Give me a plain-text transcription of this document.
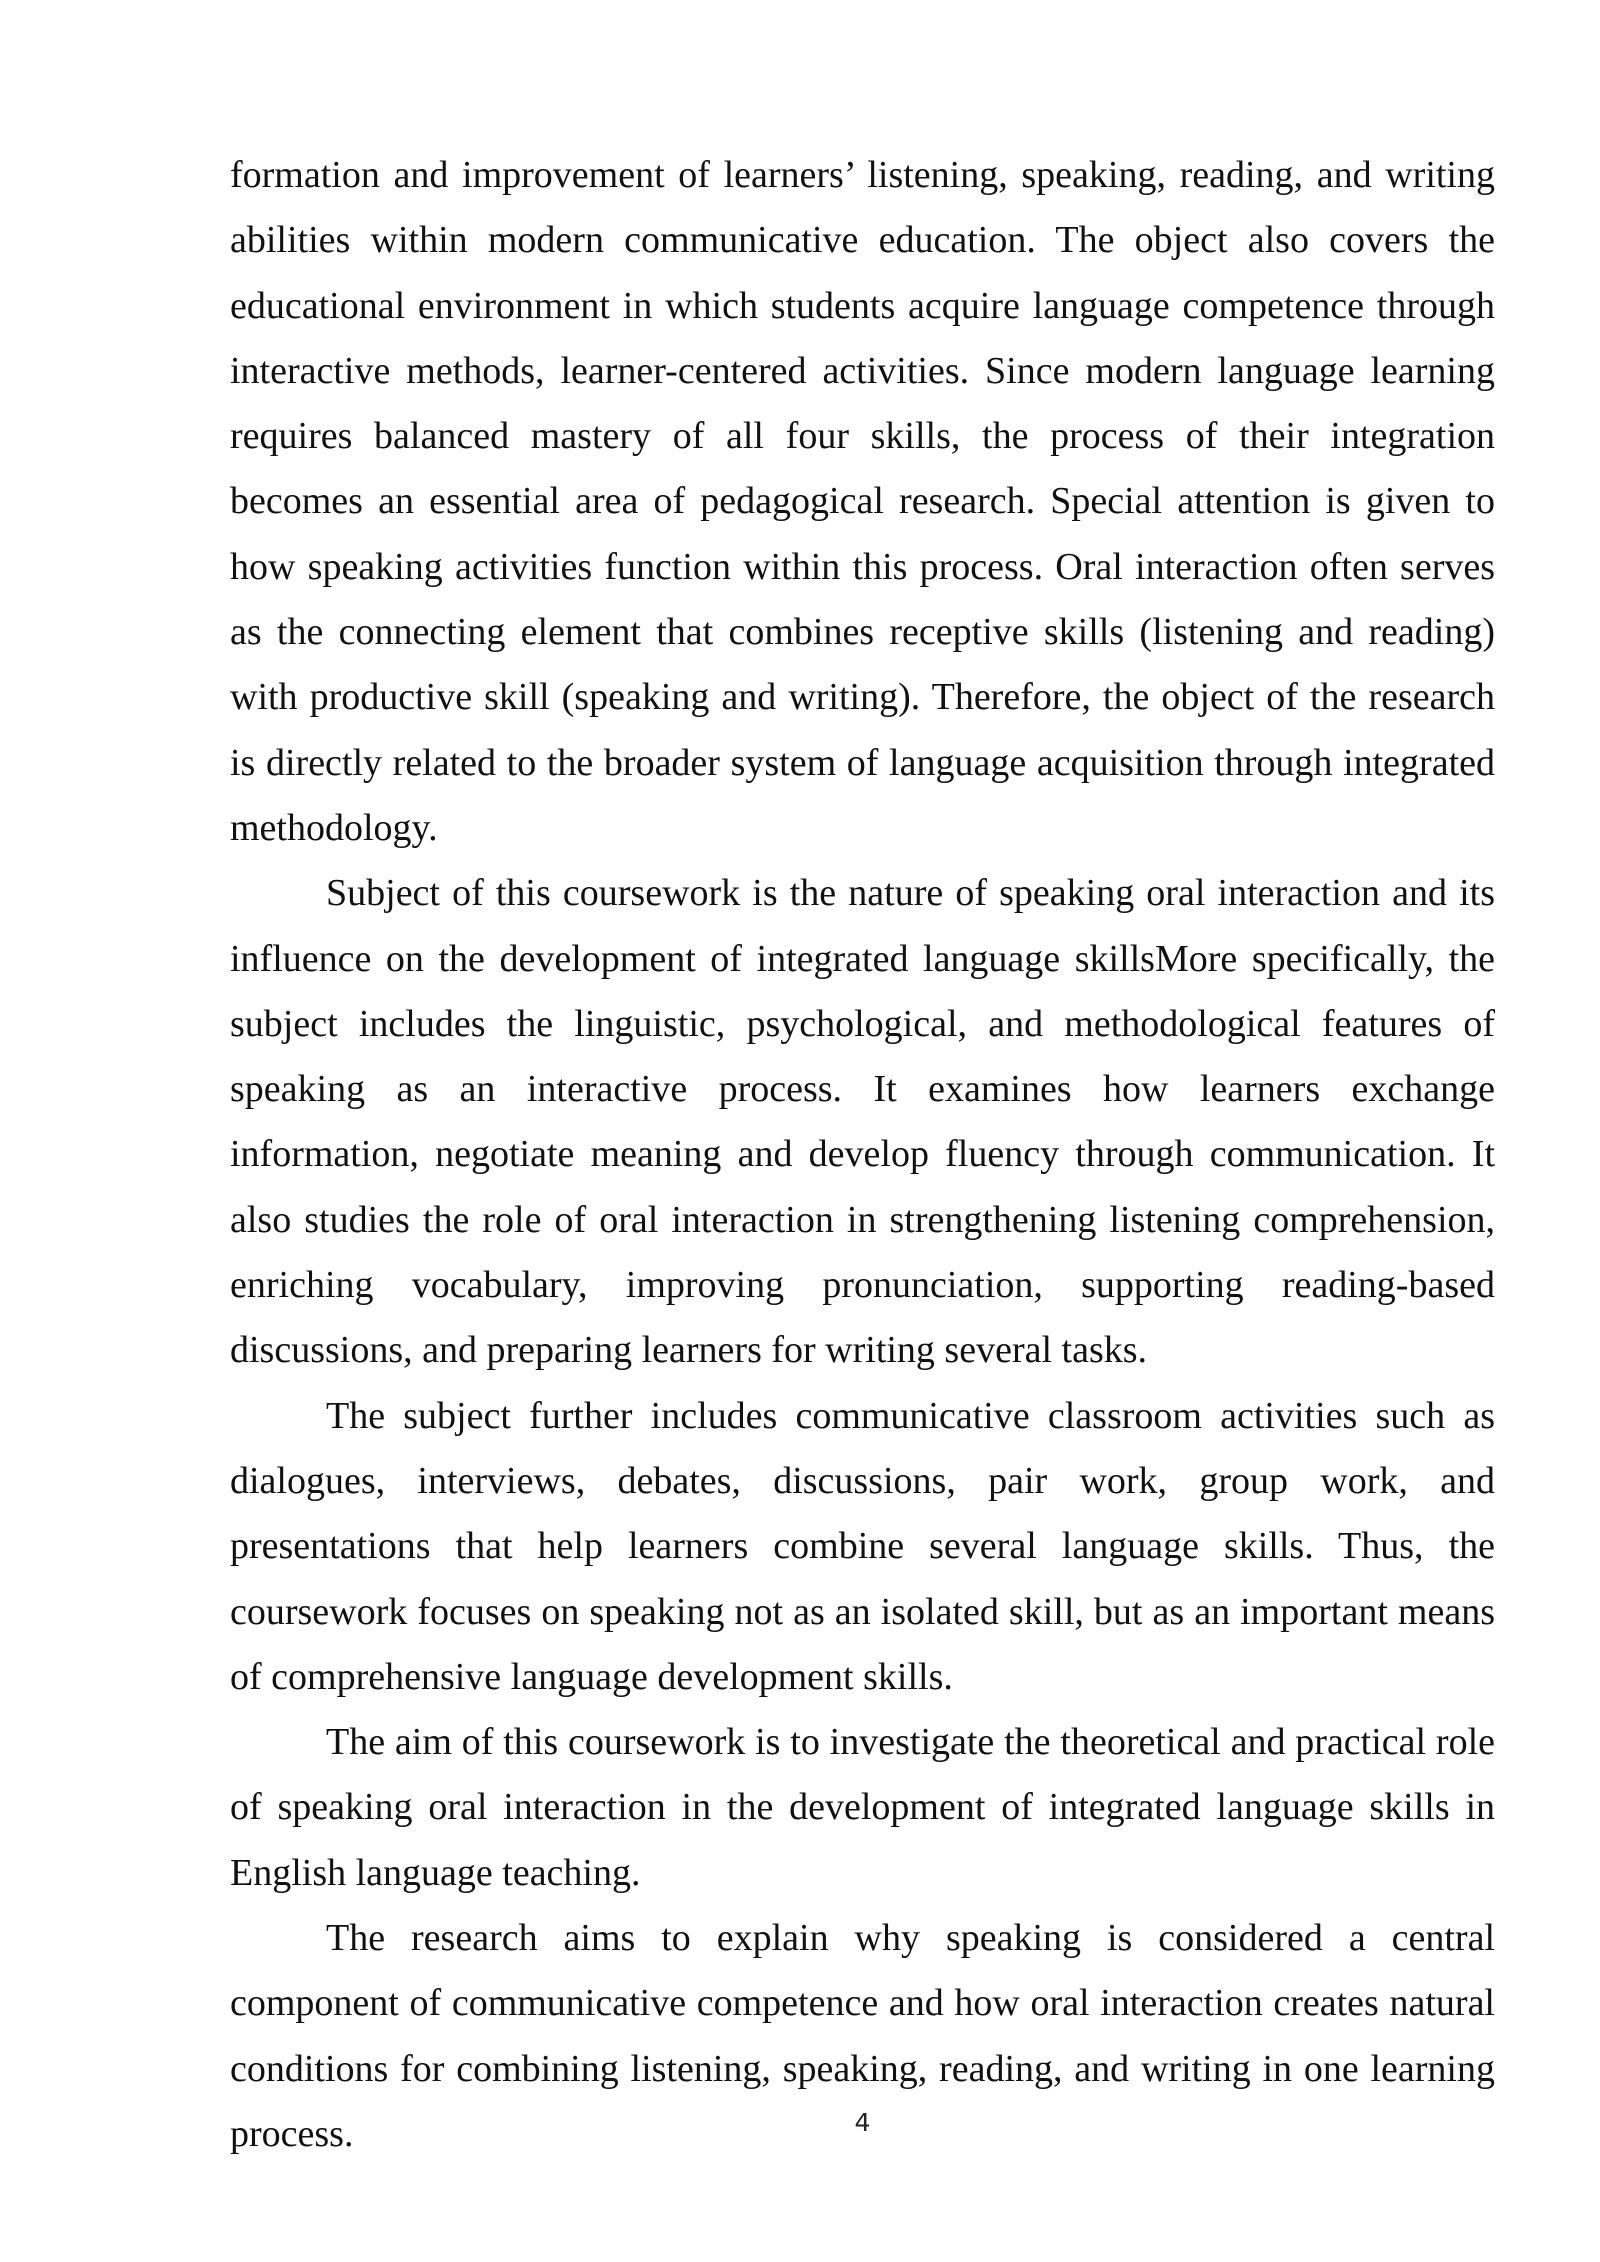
formation and improvement of learners’ listening, speaking, reading, and writing abilities within modern communicative education. The object also covers the educational environment in which students acquire language competence through interactive methods, learner-centered activities. Since modern language learning requires balanced mastery of all four skills, the process of their integration becomes an essential area of pedagogical research. Special attention is given to how speaking activities function within this process. Oral interaction often serves as the connecting element that combines receptive skills (listening and reading) with productive skill (speaking and writing). Therefore, the object of the research is directly related to the broader system of language acquisition through integrated methodology.

Subject of this coursework is the nature of speaking oral interaction and its influence on the development of integrated language skillsMore specifically, the subject includes the linguistic, psychological, and methodological features of speaking as an interactive process. It examines how learners exchange information, negotiate meaning and develop fluency through communication. It also studies the role of oral interaction in strengthening listening comprehension, enriching vocabulary, improving pronunciation, supporting reading-based discussions, and preparing learners for writing several tasks.

The subject further includes communicative classroom activities such as dialogues, interviews, debates, discussions, pair work, group work, and presentations that help learners combine several language skills. Thus, the coursework focuses on speaking not as an isolated skill, but as an important means of comprehensive language development skills.

The aim of this coursework is to investigate the theoretical and practical role of speaking oral interaction in the development of integrated language skills in English language teaching.

The research aims to explain why speaking is considered a central component of communicative competence and how oral interaction creates natural conditions for combining listening, speaking, reading, and writing in one learning process.	4
